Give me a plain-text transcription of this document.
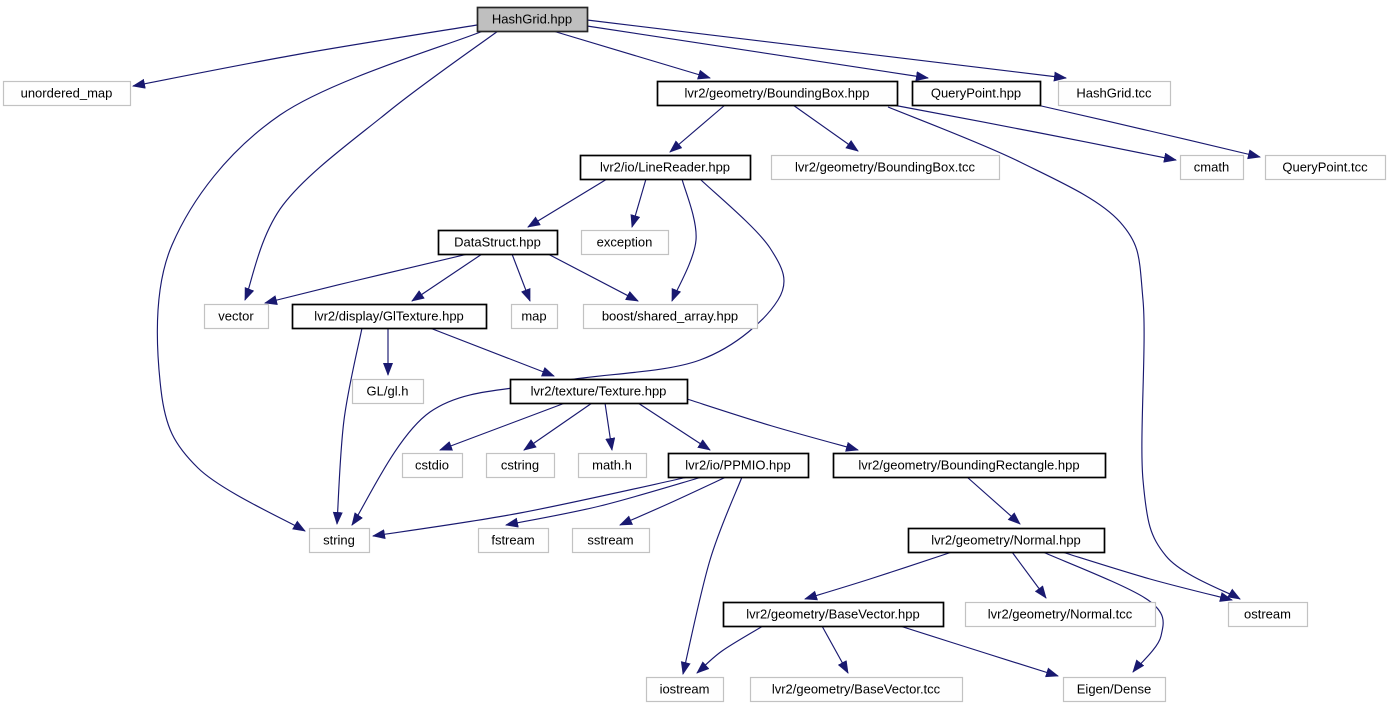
HashGrid.hpp
unordered_map	lvr2/geometry/BoundingBox.hpp	QueryPoint.hpp	HashGrid.tcc
lvr2/io/LineReader.hpp	lvr2/geometry/BoundingBox.tcc	cmath	QueryPoint.tcc
DataStruct.hpp	exception
vector	lvr2/display/GlTexture.hpp	map	boost/shared_array.hpp
GL/gl.h	lvr2/texture/Texture.hpp
cstdio	cstring	math.h	lvr2/io/PPMIO.hpp	lvr2/geometry/BoundingRectangle.hpp
string	fstream	sstream	lvr2/geometry/Normal.hpp
lvr2/geometry/BaseVector.hpp	lvr2/geometry/Normal.tcc	ostream
iostream	lvr2/geometry/BaseVector.tcc	Eigen/Dense
